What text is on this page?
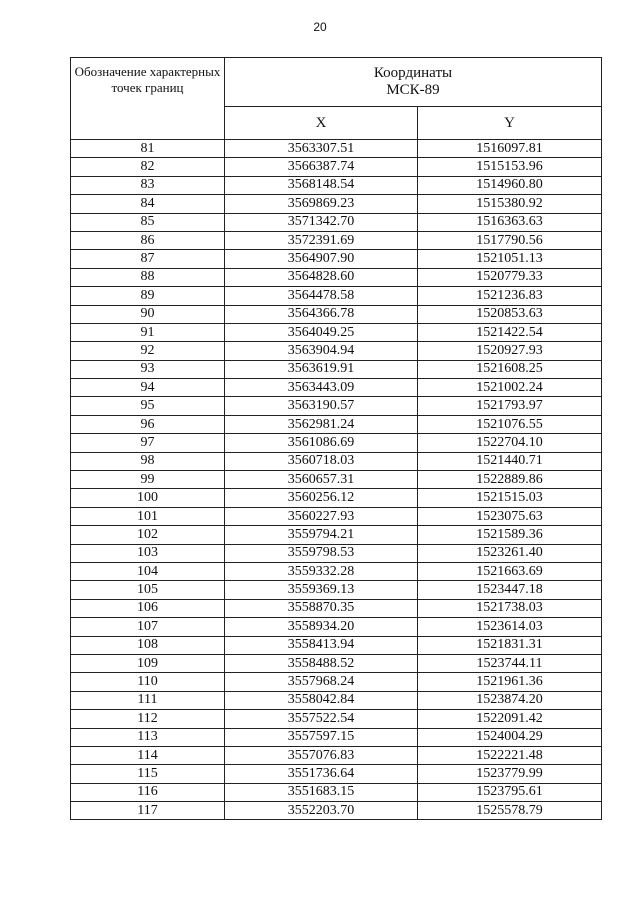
20
Обозначение характерных точек границ	Координаты
МСК-89	

	X	Y
81	3563307.51	1516097.81
82	3566387.74	1515153.96
83	3568148.54	1514960.80
84	3569869.23	1515380.92
85	3571342.70	1516363.63
86	3572391.69	1517790.56
87	3564907.90	1521051.13
88	3564828.60	1520779.33
89	3564478.58	1521236.83
90	3564366.78	1520853.63
91	3564049.25	1521422.54
92	3563904.94	1520927.93
93	3563619.91	1521608.25
94	3563443.09	1521002.24
95	3563190.57	1521793.97
96	3562981.24	1521076.55
97	3561086.69	1522704.10
98	3560718.03	1521440.71
99	3560657.31	1522889.86
100	3560256.12	1521515.03
101	3560227.93	1523075.63
102	3559794.21	1521589.36
103	3559798.53	1523261.40
104	3559332.28	1521663.69
105	3559369.13	1523447.18
106	3558870.35	1521738.03
107	3558934.20	1523614.03
108	3558413.94	1521831.31
109	3558488.52	1523744.11
110	3557968.24	1521961.36
111	3558042.84	1523874.20
112	3557522.54	1522091.42
113	3557597.15	1524004.29
114	3557076.83	1522221.48
115	3551736.64	1523779.99
116	3551683.15	1523795.61
117	3552203.70	1525578.79
